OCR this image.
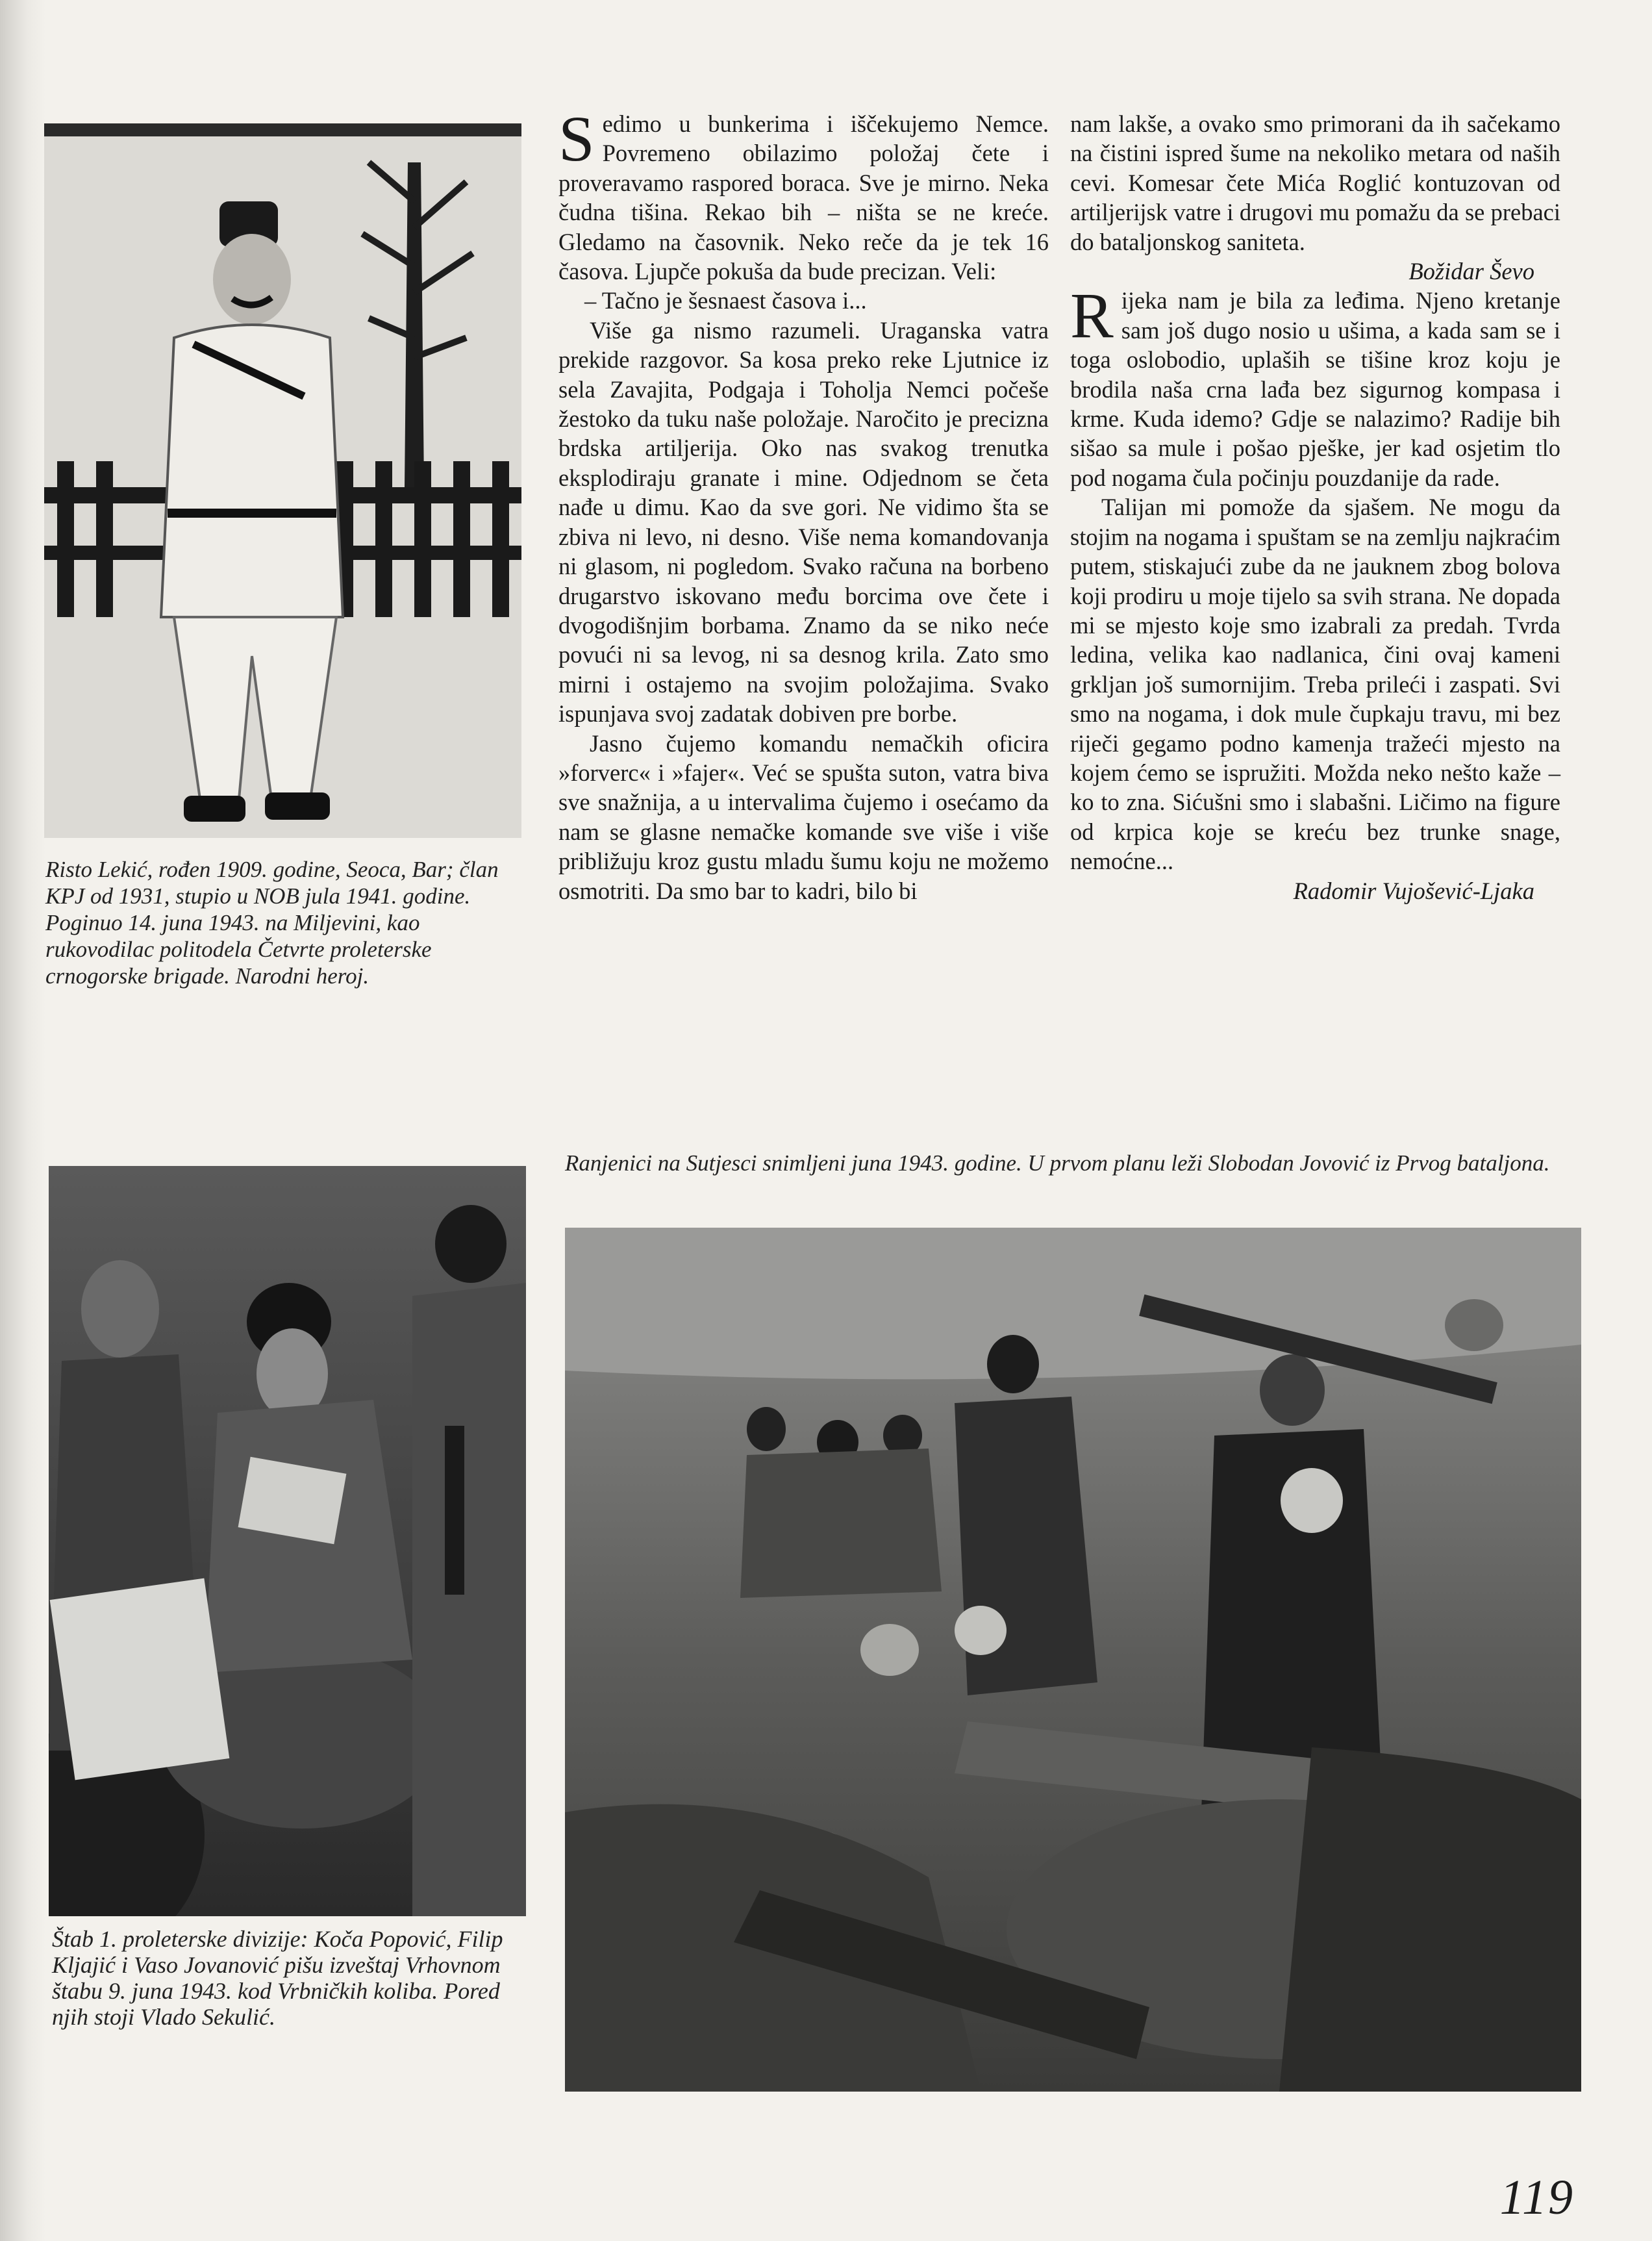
Risto Lekić, rođen 1909. godine, Seoca, Bar; član KPJ od 1931, stupio u NOB jula 1941. godine. Poginuo 14. juna 1943. na Miljevini, kao rukovodilac politodela Četvrte proleterske crnogorske brigade. Narodni heroj.

Sedimo u bunkerima i iščekujemo Nemce. Povremeno obilazimo položaj čete i proveravamo raspored boraca. Sve je mirno. Neka čudna tišina. Rekao bih – ništa se ne kreće. Gledamo na časovnik. Neko reče da je tek 16 časova. Ljupče pokuša da bude precizan. Veli:

– Tačno je šesnaest časova i...

Više ga nismo razumeli. Uraganska vatra prekide razgovor. Sa kosa preko reke Ljutnice iz sela Zavajita, Podgaja i Toholja Nemci počeše žestoko da tuku naše položaje. Naročito je precizna brdska artiljerija. Oko nas svakog trenutka eksplodiraju granate i mine. Odjednom se četa nađe u dimu. Kao da sve gori. Ne vidimo šta se zbiva ni levo, ni desno. Više nema komandovanja ni glasom, ni pogledom. Svako računa na borbeno drugarstvo iskovano među borcima ove čete i dvogodišnjim borbama. Znamo da se niko neće povući ni sa levog, ni sa desnog krila. Zato smo mirni i ostajemo na svojim položajima. Svako ispunjava svoj zadatak dobiven pre borbe.

Jasno čujemo komandu nemačkih oficira »forverc« i »fajer«. Već se spušta suton, vatra biva sve snažnija, a u intervalima čujemo i osećamo da nam se glasne nemačke komande sve više i više približuju kroz gustu mladu šumu koju ne možemo osmotriti. Da smo bar to kadri, bilo bi

nam lakše, a ovako smo primorani da ih sačekamo na čistini ispred šume na nekoliko metara od naših cevi. Komesar čete Mića Roglić kontuzovan od artiljerijsk vatre i drugovi mu pomažu da se prebaci do bataljonskog saniteta.

Božidar Ševo

Rijeka nam je bila za leđima. Njeno kretanje sam još dugo nosio u ušima, a kada sam se i toga oslobodio, uplaših se tišine kroz koju je brodila naša crna lađa bez sigurnog kompasa i krme. Kuda idemo? Gdje se nalazimo? Radije bih sišao sa mule i pošao pješke, jer kad osjetim tlo pod nogama čula počinju pouzdanije da rade.

Talijan mi pomože da sjašem. Ne mogu da stojim na nogama i spuštam se na zemlju najkraćim putem, stiskajući zube da ne jauknem zbog bolova koji prodiru u moje tijelo sa svih strana. Ne dopada mi se mjesto koje smo izabrali za predah. Tvrda ledina, velika kao nadlanica, čini ovaj kameni grkljan još sumornijim. Treba prileći i zaspati. Svi smo na nogama, i dok mule čupkaju travu, mi bez riječi gegamo podno kamenja tražeći mjesto na kojem ćemo se ispružiti. Možda neko nešto kaže – ko to zna. Sićušni smo i slabašni. Ličimo na figure od krpica koje se kreću bez trunke snage, nemoćne...

Radomir Vujošević-Ljaka

Štab 1. proleterske divizije: Koča Popović, Filip Kljajić i Vaso Jovanović pišu izveštaj Vrhovnom štabu 9. juna 1943. kod Vrbničkih koliba. Pored njih stoji Vlado Sekulić.

Ranjenici na Sutjesci snimljeni juna 1943. godine. U prvom planu leži Slobodan Jovović iz Prvog bataljona.

119
